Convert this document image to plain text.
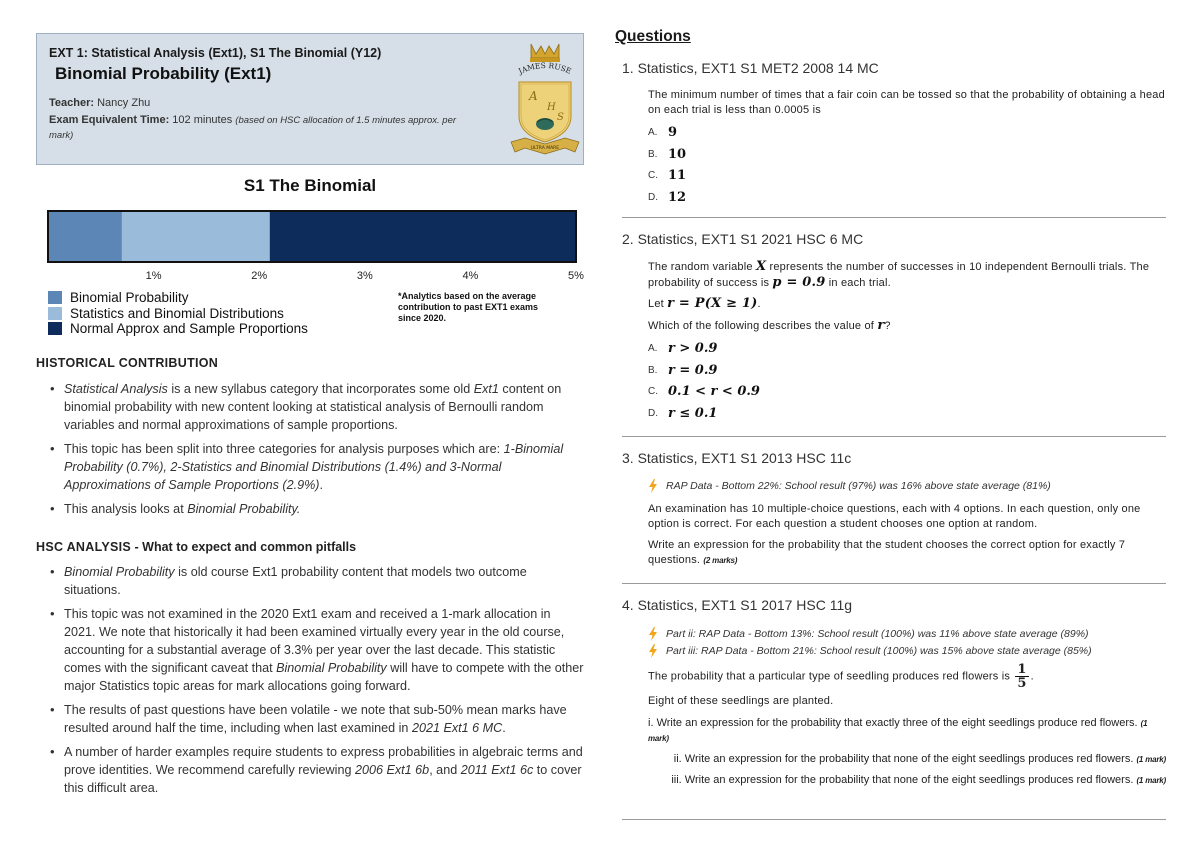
EXT 1: Statistical Analysis (Ext1), S1 The Binomial (Y12)
Binomial Probability (Ext1)
Teacher: Nancy Zhu
Exam Equivalent Time: 102 minutes (based on HSC allocation of 1.5 minutes approx. per mark)
JAMES RUSE
A
H
S
ULTRA MARE
S1 The Binomial
1%	2%	3%	4%	5%
Binomial Probability
Statistics and Binomial Distributions
Normal Approx and Sample Proportions
*Analytics based on the average contribution to past EXT1 exams since 2020.
HISTORICAL CONTRIBUTION
• Statistical Analysis is a new syllabus category that incorporates some old Ext1 content on binomial probability with new content looking at statistical analysis of Bernoulli random variables and normal approximations of sample proportions.
• This topic has been split into three categories for analysis purposes which are: 1-Binomial Probability (0.7%), 2-Statistics and Binomial Distributions (1.4%) and 3-Normal Approximations of Sample Proportions (2.9%).
• This analysis looks at Binomial Probability.
HSC ANALYSIS - What to expect and common pitfalls
• Binomial Probability is old course Ext1 probability content that models two outcome situations.
• This topic was not examined in the 2020 Ext1 exam and received a 1-mark allocation in 2021. We note that historically it had been examined virtually every year in the old course, accounting for a substantial average of 3.3% per year over the last decade. This statistic comes with the significant caveat that Binomial Probability will have to compete with the other major Statistics topic areas for mark allocations going forward.
• The results of past questions have been volatile - we note that sub-50% mean marks have resulted around half the time, including when last examined in 2021 Ext1 6 MC.
• A number of harder examples require students to express probabilities in algebraic terms and prove identities. We recommend carefully reviewing 2006 Ext1 6b, and 2011 Ext1 6c to cover this difficult area.
Questions
1. Statistics, EXT1 S1 MET2 2008 14 MC
The minimum number of times that a fair coin can be tossed so that the probability of obtaining a head on each trial is less than 0.0005 is
A. 9
B. 10
C. 11
D. 12
2. Statistics, EXT1 S1 2021 HSC 6 MC
The random variable X represents the number of successes in 10 independent Bernoulli trials. The probability of success is p = 0.9 in each trial.
Let r = P(X ≥ 1).
Which of the following describes the value of r?
A. r > 0.9
B. r = 0.9
C. 0.1 < r < 0.9
D. r ≤ 0.1
3. Statistics, EXT1 S1 2013 HSC 11c
RAP Data - Bottom 22%: School result (97%) was 16% above state average (81%)
An examination has 10 multiple-choice questions, each with 4 options. In each question, only one option is correct. For each question a student chooses one option at random.
Write an expression for the probability that the student chooses the correct option for exactly 7 questions. (2 marks)
4. Statistics, EXT1 S1 2017 HSC 11g
Part ii: RAP Data - Bottom 13%: School result (100%) was 11% above state average (89%)
Part iii: RAP Data - Bottom 21%: School result (100%) was 15% above state average (85%)
The probability that a particular type of seedling produces red flowers is $\frac{1}{5}$ .
Eight of these seedlings are planted.
i. Write an expression for the probability that exactly three of the eight seedlings produce red flowers. (1 mark)
ii. Write an expression for the probability that none of the eight seedlings produces red flowers. (1 mark)
iii. Write an expression for the probability that none of the eight seedlings produces red flowers. (1 mark)
